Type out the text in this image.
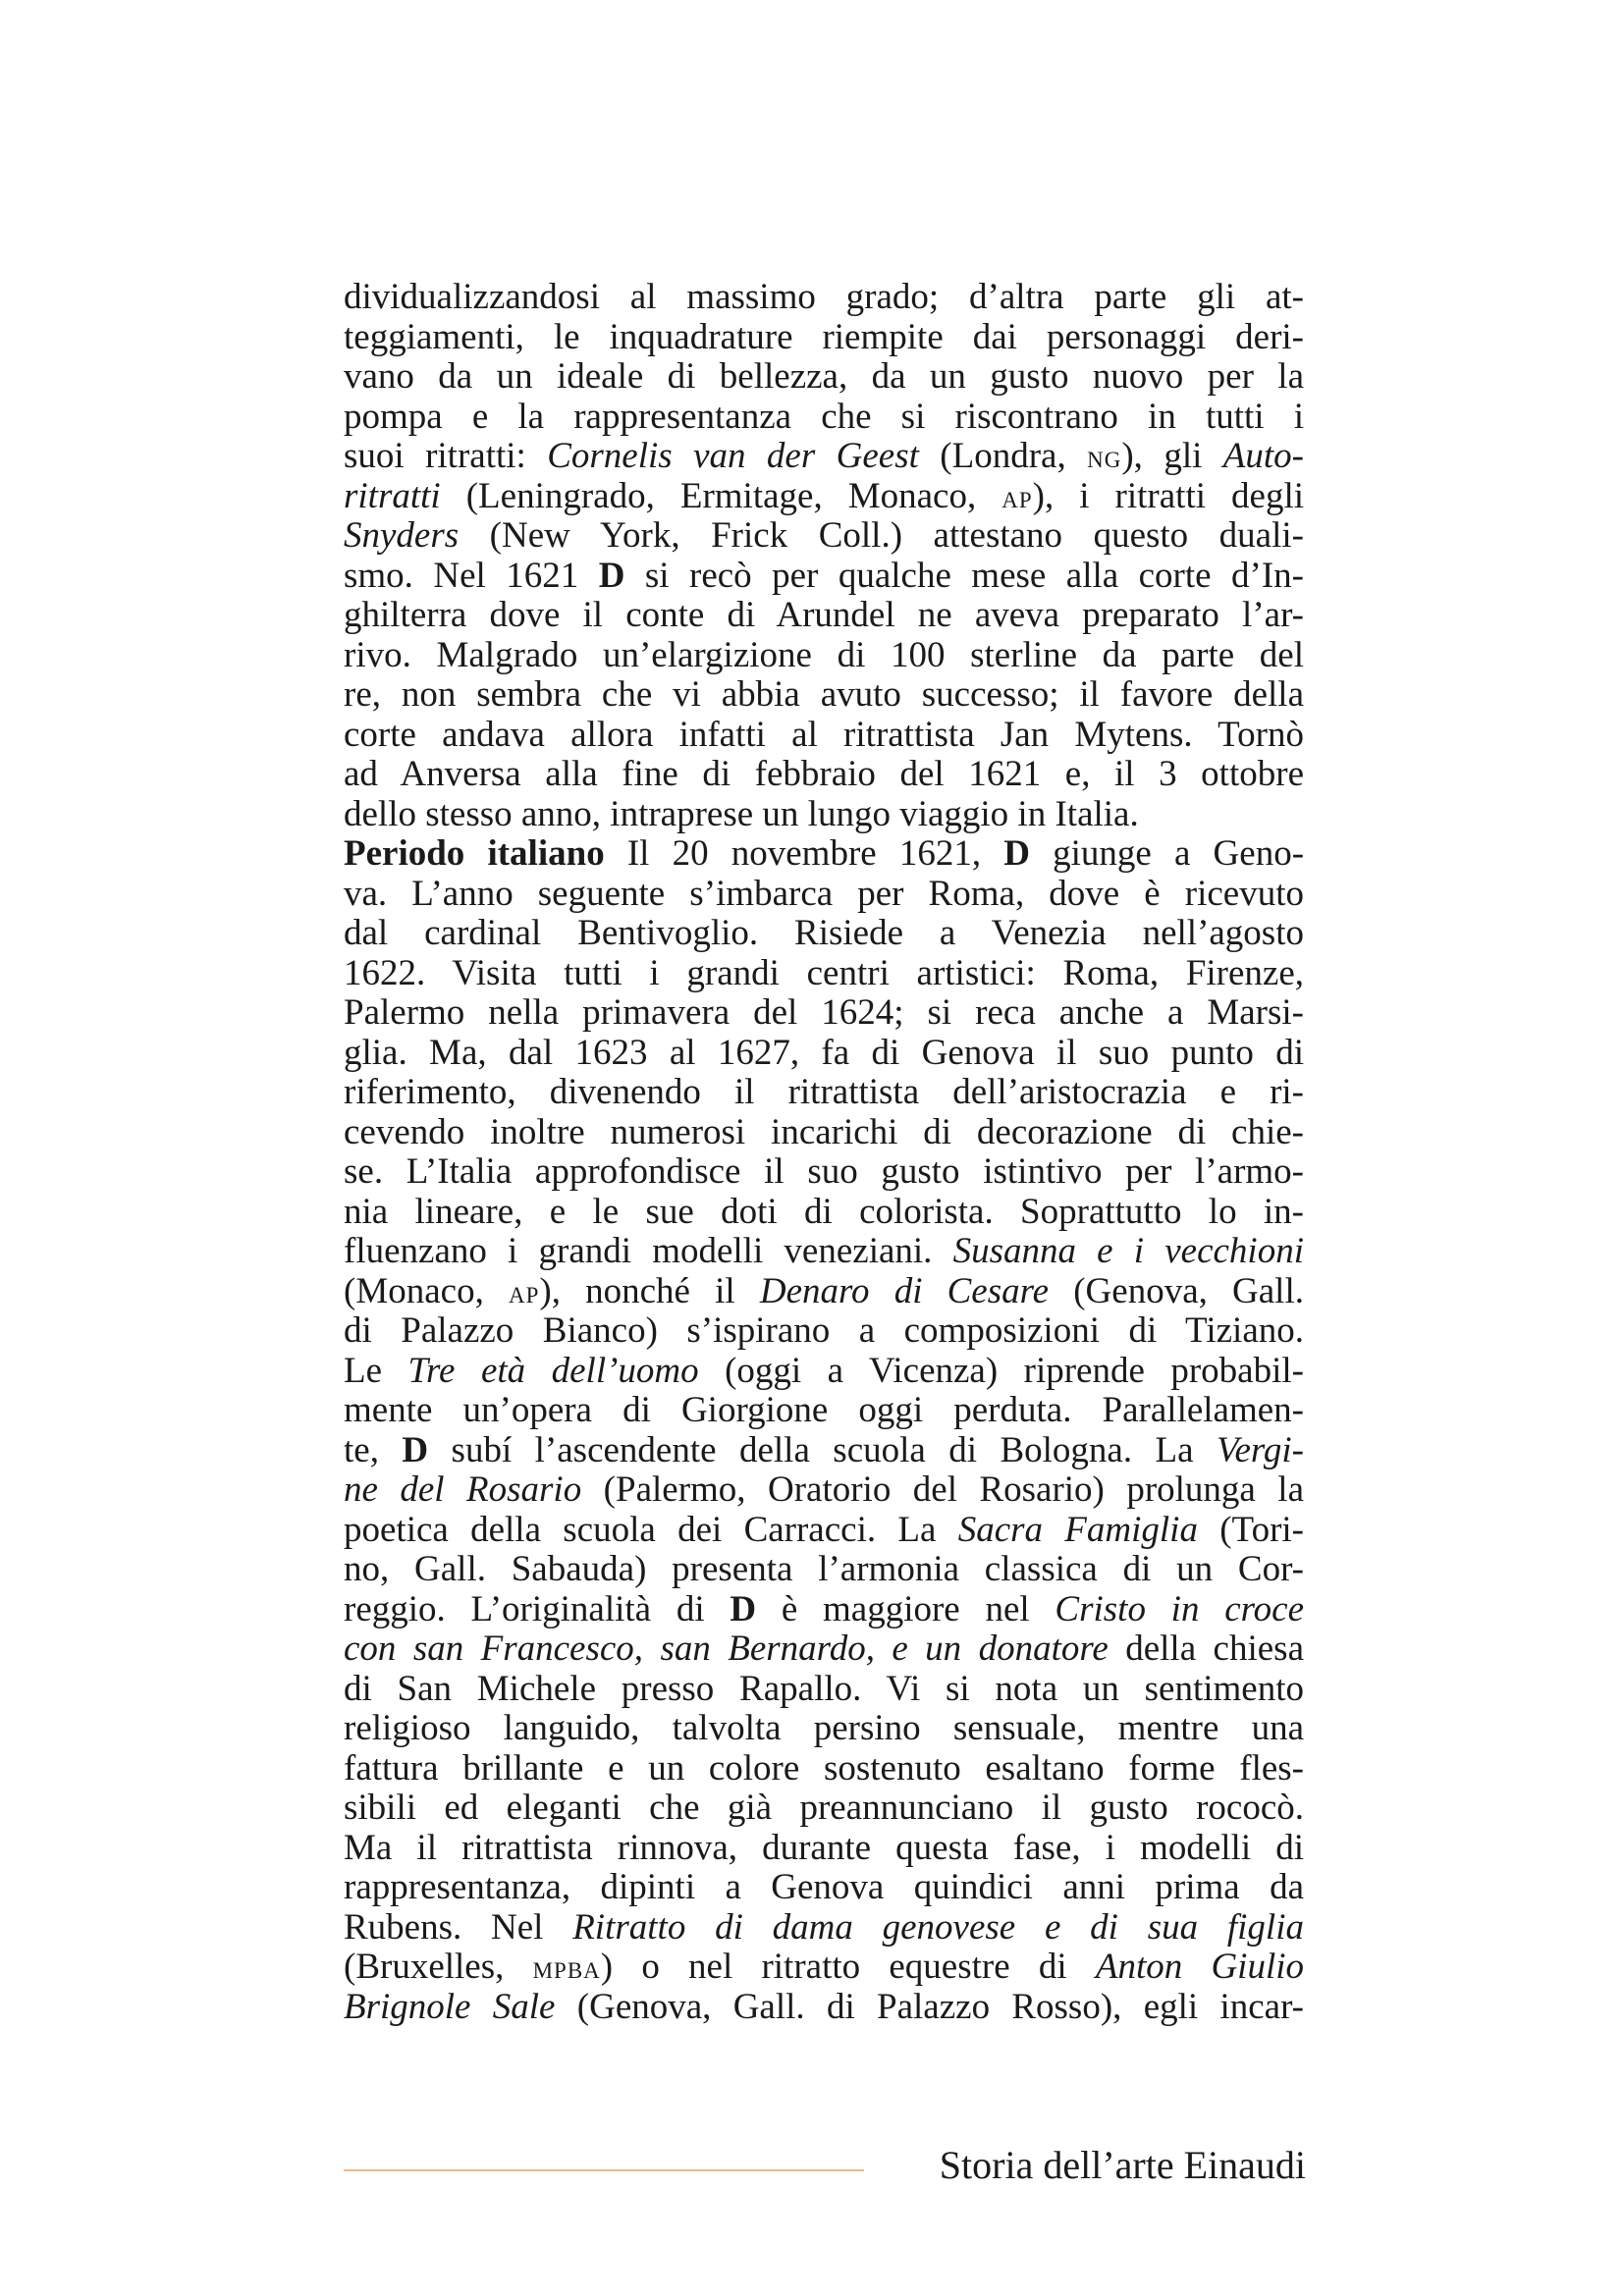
dividualizzandosi al massimo grado; d’altra parte gli at-
teggiamenti, le inquadrature riempite dai personaggi deri-
vano da un ideale di bellezza, da un gusto nuovo per la
pompa e la rappresentanza che si riscontrano in tutti i
suoi ritratti: Cornelis van der Geest (Londra, ng), gli Auto-
ritratti (Leningrado, Ermitage, Monaco, ap), i ritratti degli
Snyders (New York, Frick Coll.) attestano questo duali-
smo. Nel 1621 D si recò per qualche mese alla corte d’In-
ghilterra dove il conte di Arundel ne aveva preparato l’ar-
rivo. Malgrado un’elargizione di 100 sterline da parte del
re, non sembra che vi abbia avuto successo; il favore della
corte andava allora infatti al ritrattista Jan Mytens. Tornò
ad Anversa alla fine di febbraio del 1621 e, il 3 ottobre
dello stesso anno, intraprese un lungo viaggio in Italia.
Periodo italiano Il 20 novembre 1621, D giunge a Geno-
va. L’anno seguente s’imbarca per Roma, dove è ricevuto
dal cardinal Bentivoglio. Risiede a Venezia nell’agosto
1622. Visita tutti i grandi centri artistici: Roma, Firenze,
Palermo nella primavera del 1624; si reca anche a Marsi-
glia. Ma, dal 1623 al 1627, fa di Genova il suo punto di
riferimento, divenendo il ritrattista dell’aristocrazia e ri-
cevendo inoltre numerosi incarichi di decorazione di chie-
se. L’Italia approfondisce il suo gusto istintivo per l’armo-
nia lineare, e le sue doti di colorista. Soprattutto lo in-
fluenzano i grandi modelli veneziani. Susanna e i vecchioni
(Monaco, ap), nonché il Denaro di Cesare (Genova, Gall.
di Palazzo Bianco) s’ispirano a composizioni di Tiziano.
Le Tre età dell’uomo (oggi a Vicenza) riprende probabil-
mente un’opera di Giorgione oggi perduta. Parallelamen-
te, D subí l’ascendente della scuola di Bologna. La Vergi-
ne del Rosario (Palermo, Oratorio del Rosario) prolunga la
poetica della scuola dei Carracci. La Sacra Famiglia (Tori-
no, Gall. Sabauda) presenta l’armonia classica di un Cor-
reggio. L’originalità di D è maggiore nel Cristo in croce
con san Francesco, san Bernardo, e un donatore della chiesa
di San Michele presso Rapallo. Vi si nota un sentimento
religioso languido, talvolta persino sensuale, mentre una
fattura brillante e un colore sostenuto esaltano forme fles-
sibili ed eleganti che già preannunciano il gusto rococò.
Ma il ritrattista rinnova, durante questa fase, i modelli di
rappresentanza, dipinti a Genova quindici anni prima da
Rubens. Nel Ritratto di dama genovese e di sua figlia
(Bruxelles, mpba) o nel ritratto equestre di Anton Giulio
Brignole Sale (Genova, Gall. di Palazzo Rosso), egli incar-
Storia dell’arte Einaudi
